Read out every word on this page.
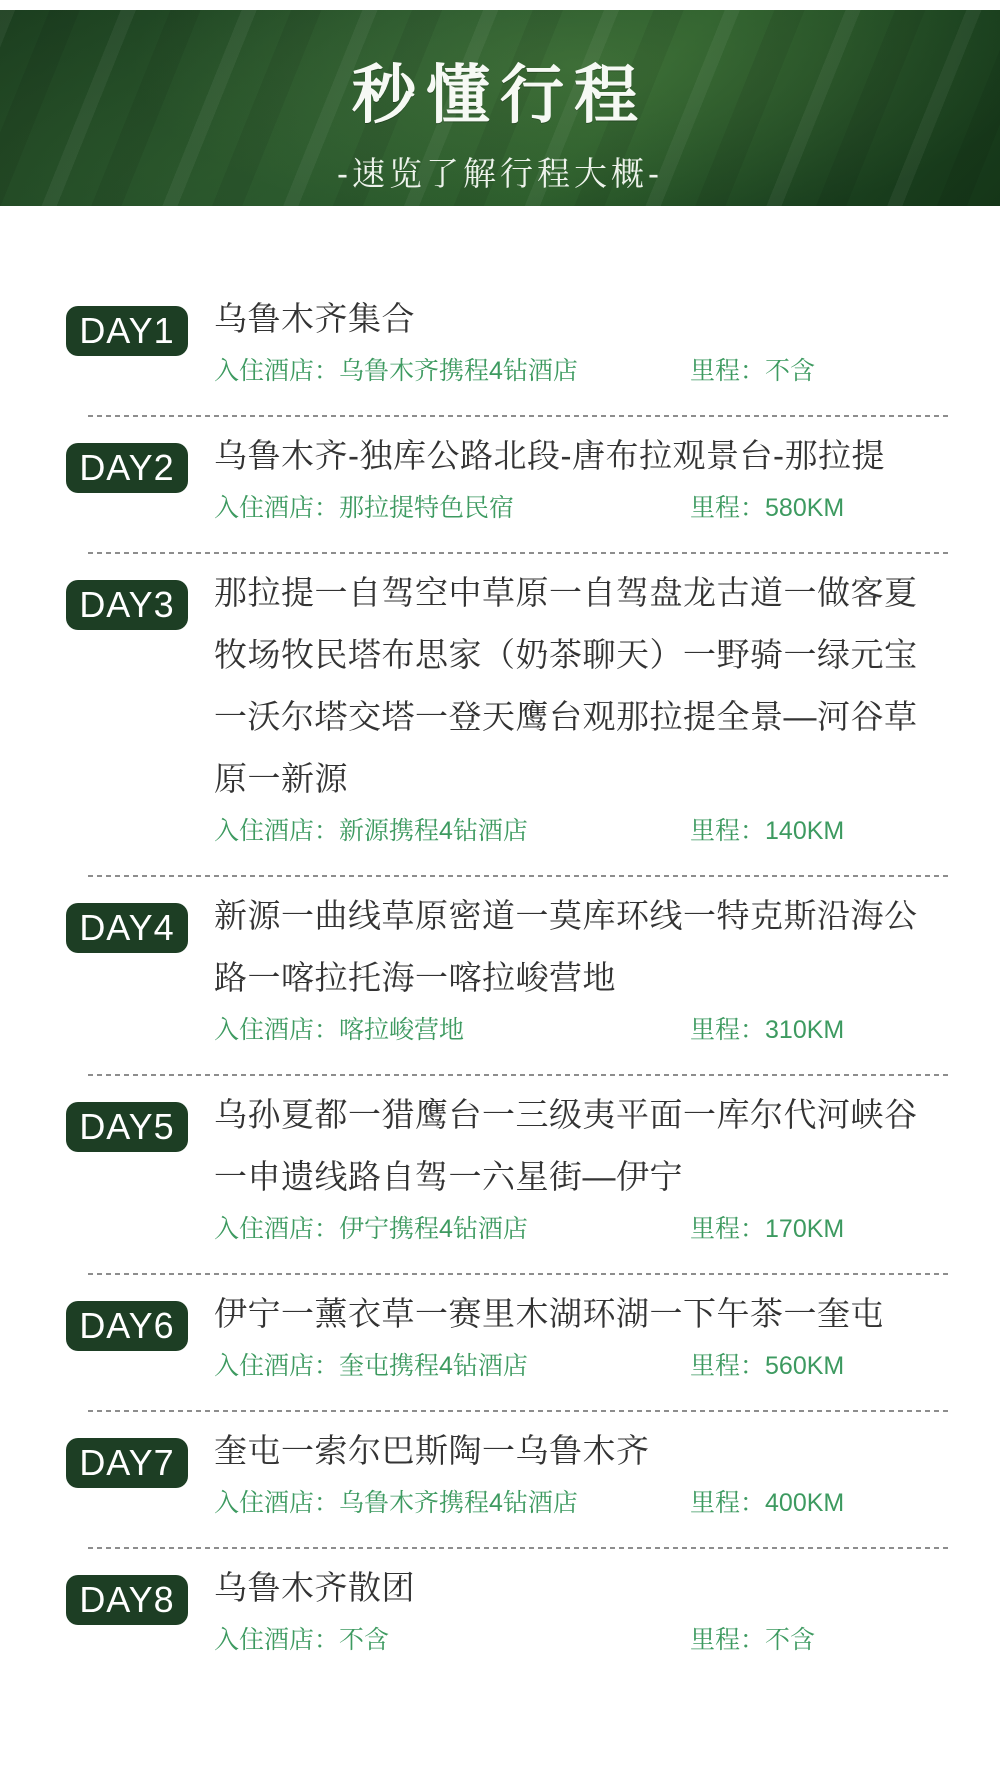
秒懂行程
-速览了解行程大概-
DAY1	乌鲁木齐集合
入住酒店：乌鲁木齐携程4钻酒店	里程：不含
DAY2	乌鲁木齐-独库公路北段-唐布拉观景台-那拉提
入住酒店：那拉提特色民宿	里程：580KM
DAY3	那拉提一自驾空中草原一自驾盘龙古道一做客夏牧场牧民塔布思家（奶茶聊天）一野骑一绿元宝一沃尔塔交塔一登天鹰台观那拉提全景—河谷草原一新源
入住酒店：新源携程4钻酒店	里程：140KM
DAY4	新源一曲线草原密道一莫库环线一特克斯沿海公路一喀拉托海一喀拉峻营地
入住酒店：喀拉峻营地	里程：310KM
DAY5	乌孙夏都一猎鹰台一三级夷平面一库尔代河峡谷一申遗线路自驾一六星街—伊宁
入住酒店：伊宁携程4钻酒店	里程：170KM
DAY6	伊宁一薰衣草一赛里木湖环湖一下午茶一奎屯
入住酒店：奎屯携程4钻酒店	里程：560KM
DAY7	奎屯一索尔巴斯陶一乌鲁木齐
入住酒店：乌鲁木齐携程4钻酒店	里程：400KM
DAY8	乌鲁木齐散团
入住酒店：不含	里程：不含
